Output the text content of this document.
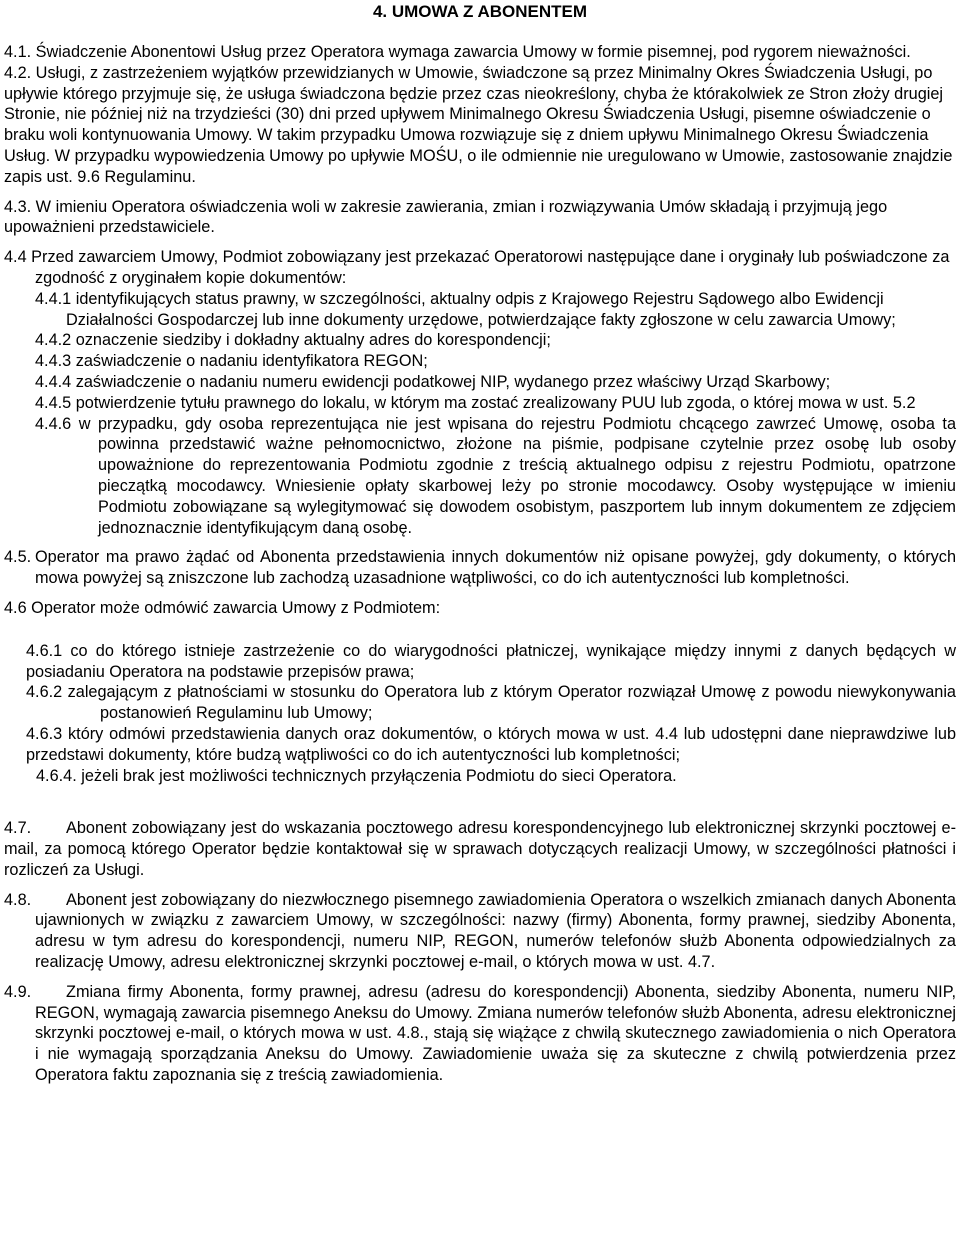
4. UMOWA Z ABONENTEM

4.1. Świadczenie Abonentowi Usług przez Operatora wymaga zawarcia Umowy w formie pisemnej, pod rygorem nieważności.

4.2. Usługi, z zastrzeżeniem wyjątków przewidzianych w Umowie, świadczone są przez Minimalny Okres Świadczenia Usługi, po upływie którego przyjmuje się, że usługa świadczona będzie przez czas nieokreślony, chyba że którakolwiek ze Stron złoży drugiej Stronie, nie później niż na trzydzieści (30) dni przed upływem Minimalnego Okresu Świadczenia Usługi, pisemne oświadczenie o braku woli kontynuowania Umowy. W takim przypadku Umowa rozwiązuje się z dniem upływu Minimalnego Okresu Świadczenia Usług. W przypadku wypowiedzenia Umowy po upływie MOŚU, o ile odmiennie nie uregulowano w Umowie, zastosowanie znajdzie zapis ust. 9.6 Regulaminu.

4.3. W imieniu Operatora oświadczenia woli w zakresie zawierania, zmian i rozwiązywania Umów składają i przyjmują jego upoważnieni przedstawiciele.

4.4 Przed zawarciem Umowy, Podmiot zobowiązany jest przekazać Operatorowi następujące dane i oryginały lub poświadczone za zgodność z oryginałem kopie dokumentów:

4.4.1 identyfikujących status prawny, w szczególności, aktualny odpis z Krajowego Rejestru Sądowego albo Ewidencji Działalności Gospodarczej lub inne dokumenty urzędowe, potwierdzające fakty zgłoszone w celu zawarcia Umowy;

4.4.2 oznaczenie siedziby i dokładny aktualny adres do korespondencji;

4.4.3 zaświadczenie o nadaniu identyfikatora REGON;

4.4.4 zaświadczenie o nadaniu numeru ewidencji podatkowej NIP, wydanego przez właściwy Urząd Skarbowy;

4.4.5 potwierdzenie tytułu prawnego do lokalu, w którym ma zostać zrealizowany PUU lub zgoda, o której mowa w ust. 5.2

4.4.6 w przypadku, gdy osoba reprezentująca nie jest wpisana do rejestru Podmiotu chcącego zawrzeć Umowę, osoba ta powinna przedstawić ważne pełnomocnictwo, złożone na piśmie, podpisane czytelnie przez osobę lub osoby upoważnione do reprezentowania Podmiotu zgodnie z treścią aktualnego odpisu z rejestru Podmiotu, opatrzone pieczątką mocodawcy. Wniesienie opłaty skarbowej leży po stronie mocodawcy. Osoby występujące w imieniu Podmiotu zobowiązane są wylegitymować się dowodem osobistym, paszportem lub innym dokumentem ze zdjęciem jednoznacznie identyfikującym daną osobę.

4.5. Operator ma prawo żądać od Abonenta przedstawienia innych dokumentów niż opisane powyżej, gdy dokumenty, o których mowa powyżej są zniszczone lub zachodzą uzasadnione wątpliwości, co do ich autentyczności lub kompletności.

4.6 Operator może odmówić zawarcia Umowy z Podmiotem:

4.6.1 co do którego istnieje zastrzeżenie co do wiarygodności płatniczej, wynikające między innymi z danych będących w posiadaniu Operatora na podstawie przepisów prawa;

4.6.2 zalegającym z płatnościami w stosunku do Operatora lub z którym Operator rozwiązał Umowę z powodu niewykonywania postanowień Regulaminu lub Umowy;

4.6.3 który odmówi przedstawienia danych oraz dokumentów, o których mowa w ust. 4.4 lub udostępni dane nieprawdziwe lub przedstawi dokumenty, które budzą wątpliwości co do ich autentyczności lub kompletności;

4.6.4. jeżeli brak jest możliwości technicznych przyłączenia Podmiotu do sieci Operatora.

4.7. Abonent zobowiązany jest do wskazania pocztowego adresu korespondencyjnego lub elektronicznej skrzynki pocztowej e-mail, za pomocą którego Operator będzie kontaktował się w sprawach dotyczących realizacji Umowy, w szczególności płatności i rozliczeń za Usługi.

4.8. Abonent jest zobowiązany do niezwłocznego pisemnego zawiadomienia Operatora o wszelkich zmianach danych Abonenta ujawnionych w związku z zawarciem Umowy, w szczególności: nazwy (firmy) Abonenta, formy prawnej, siedziby Abonenta, adresu w tym adresu do korespondencji, numeru NIP, REGON, numerów telefonów służb Abonenta odpowiedzialnych za realizację Umowy, adresu elektronicznej skrzynki pocztowej e-mail, o których mowa w ust. 4.7.

4.9. Zmiana firmy Abonenta, formy prawnej, adresu (adresu do korespondencji) Abonenta, siedziby Abonenta, numeru NIP, REGON, wymagają zawarcia pisemnego Aneksu do Umowy. Zmiana numerów telefonów służb Abonenta, adresu elektronicznej skrzynki pocztowej e-mail, o których mowa w ust. 4.8., stają się wiążące z chwilą skutecznego zawiadomienia o nich Operatora i nie wymagają sporządzania Aneksu do Umowy. Zawiadomienie uważa się za skuteczne z chwilą potwierdzenia przez Operatora faktu zapoznania się z treścią zawiadomienia.
